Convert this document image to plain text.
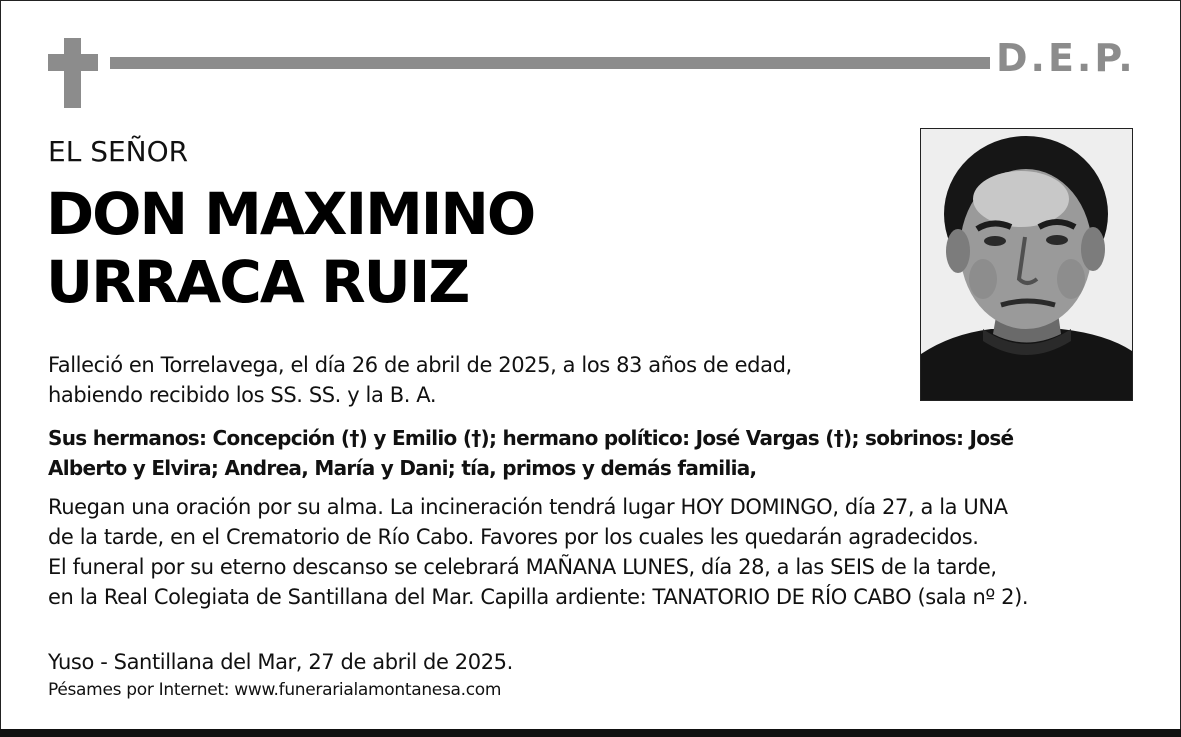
D.E.P.
EL SEÑOR
DON MAXIMINO
URRACA RUIZ
Falleció en Torrelavega, el día 26 de abril de 2025, a los 83 años de edad,
habiendo recibido los SS. SS. y la B. A.
Sus hermanos: Concepción (†) y Emilio (†); hermano político: José Vargas (†); sobrinos: José
Alberto y Elvira; Andrea, María y Dani; tía, primos y demás familia,
Ruegan una oración por su alma. La incineración tendrá lugar HOY DOMINGO, día 27, a la UNA
de la tarde, en el Crematorio de Río Cabo. Favores por los cuales les quedarán agradecidos.
El funeral por su eterno descanso se celebrará MAÑANA LUNES, día 28, a las SEIS de la tarde,
en la Real Colegiata de Santillana del Mar. Capilla ardiente: TANATORIO DE RÍO CABO (sala nº 2).
Yuso - Santillana del Mar, 27 de abril de 2025.
Pésames por Internet: www.funerarialamontanesa.com
